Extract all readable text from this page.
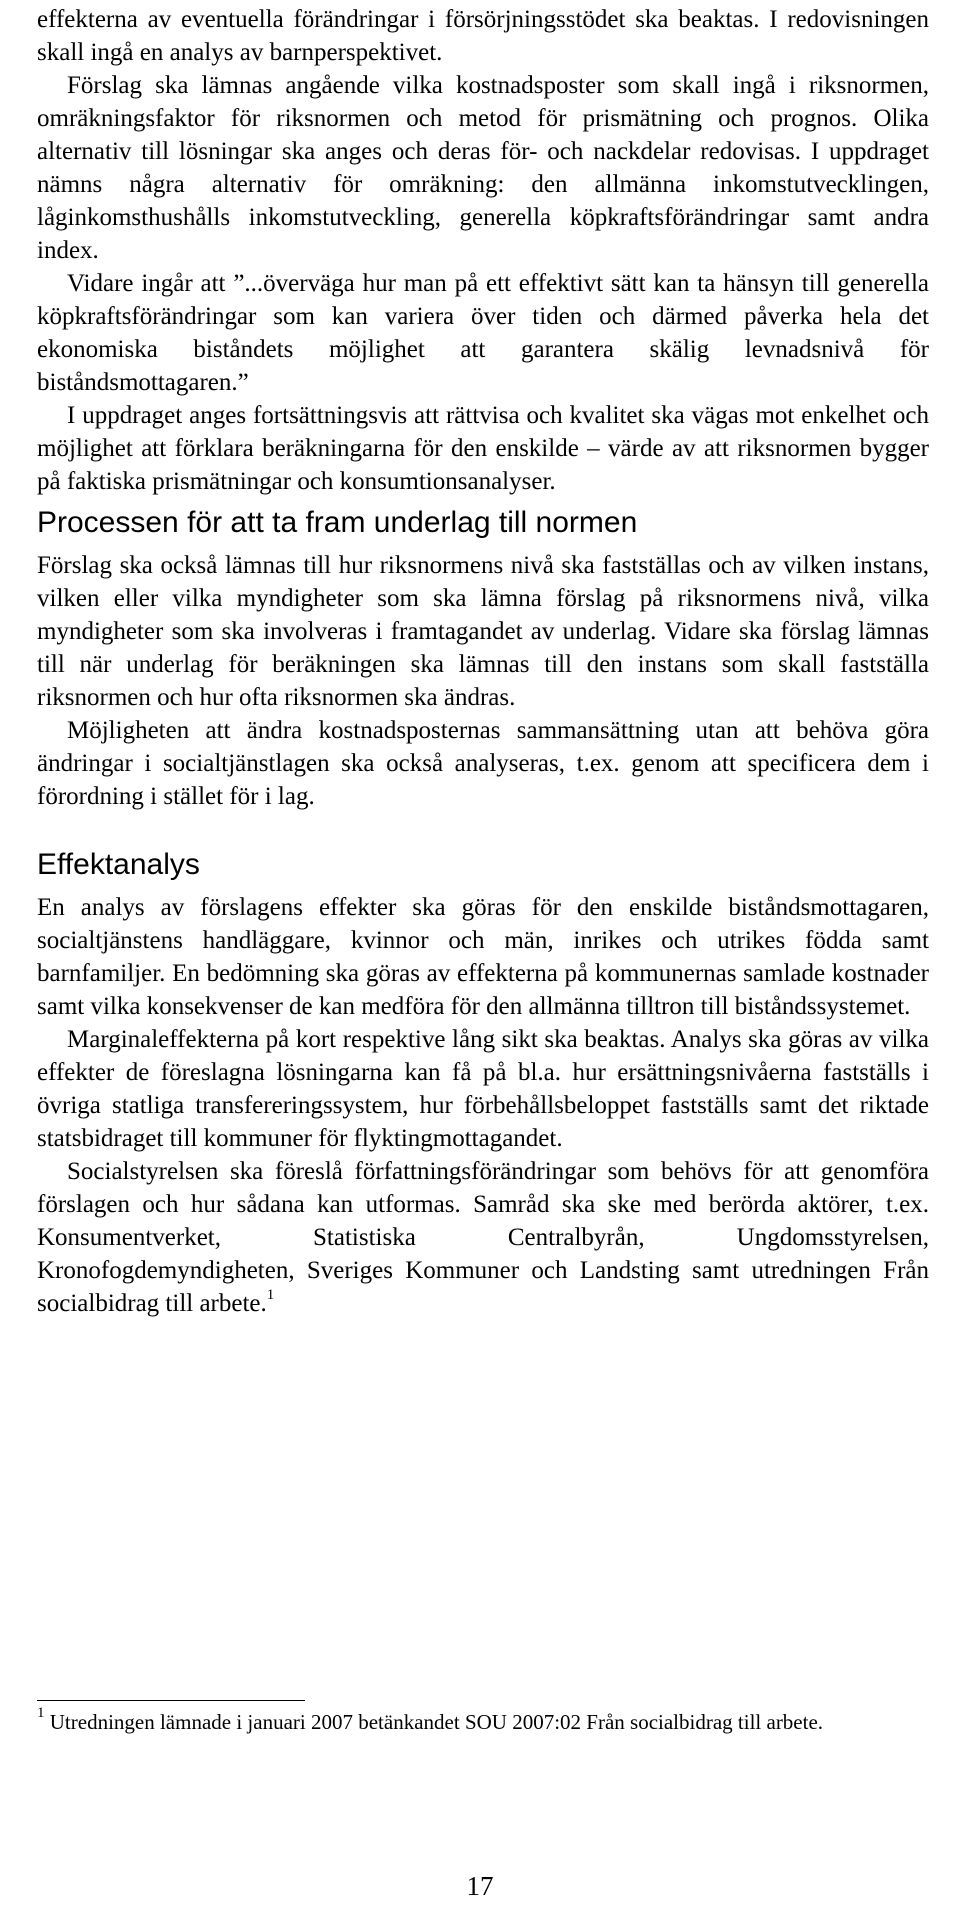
effekterna av eventuella förändringar i försörjningsstödet ska beaktas. I redovisningen skall ingå en analys av barnperspektivet.

Förslag ska lämnas angående vilka kostnadsposter som skall ingå i riksnormen, omräkningsfaktor för riksnormen och metod för prismätning och prognos. Olika alternativ till lösningar ska anges och deras för- och nackdelar redovisas. I uppdraget nämns några alternativ för omräkning: den allmänna inkomstutvecklingen, låginkomsthushålls inkomstutveckling, generella köpkraftsförändringar samt andra index.

Vidare ingår att ”...överväga hur man på ett effektivt sätt kan ta hänsyn till generella köpkraftsförändringar som kan variera över tiden och därmed påverka hela det ekonomiska biståndets möjlighet att garantera skälig levnadsnivå för biståndsmottagaren.”

I uppdraget anges fortsättningsvis att rättvisa och kvalitet ska vägas mot enkelhet och möjlighet att förklara beräkningarna för den enskilde – värde av att riksnormen bygger på faktiska prismätningar och konsumtionsanalyser.

Processen för att ta fram underlag till normen

Förslag ska också lämnas till hur riksnormens nivå ska fastställas och av vilken instans, vilken eller vilka myndigheter som ska lämna förslag på riksnormens nivå, vilka myndigheter som ska involveras i framtagandet av underlag. Vidare ska förslag lämnas till när underlag för beräkningen ska lämnas till den instans som skall fastställa riksnormen och hur ofta riksnormen ska ändras.

Möjligheten att ändra kostnadsposternas sammansättning utan att behöva göra ändringar i socialtjänstlagen ska också analyseras, t.ex. genom att specificera dem i förordning i stället för i lag.

Effektanalys

En analys av förslagens effekter ska göras för den enskilde biståndsmottagaren, socialtjänstens handläggare, kvinnor och män, inrikes och utrikes födda samt barnfamiljer. En bedömning ska göras av effekterna på kommunernas samlade kostnader samt vilka konsekvenser de kan medföra för den allmänna tilltron till biståndssystemet.

Marginaleffekterna på kort respektive lång sikt ska beaktas. Analys ska göras av vilka effekter de föreslagna lösningarna kan få på bl.a. hur ersättningsnivåerna fastställs i övriga statliga transfereringssystem, hur förbehållsbeloppet fastställs samt det riktade statsbidraget till kommuner för flyktingmottagandet.

Socialstyrelsen ska föreslå författningsförändringar som behövs för att genomföra förslagen och hur sådana kan utformas. Samråd ska ske med berörda aktörer, t.ex. Konsumentverket, Statistiska Centralbyrån, Ungdomsstyrelsen, Kronofogdemyndigheten, Sveriges Kommuner och Landsting samt utredningen Från socialbidrag till arbete.$^1$

$^1$ Utredningen lämnade i januari 2007 betänkandet SOU 2007:02 Från socialbidrag till arbete.

17
